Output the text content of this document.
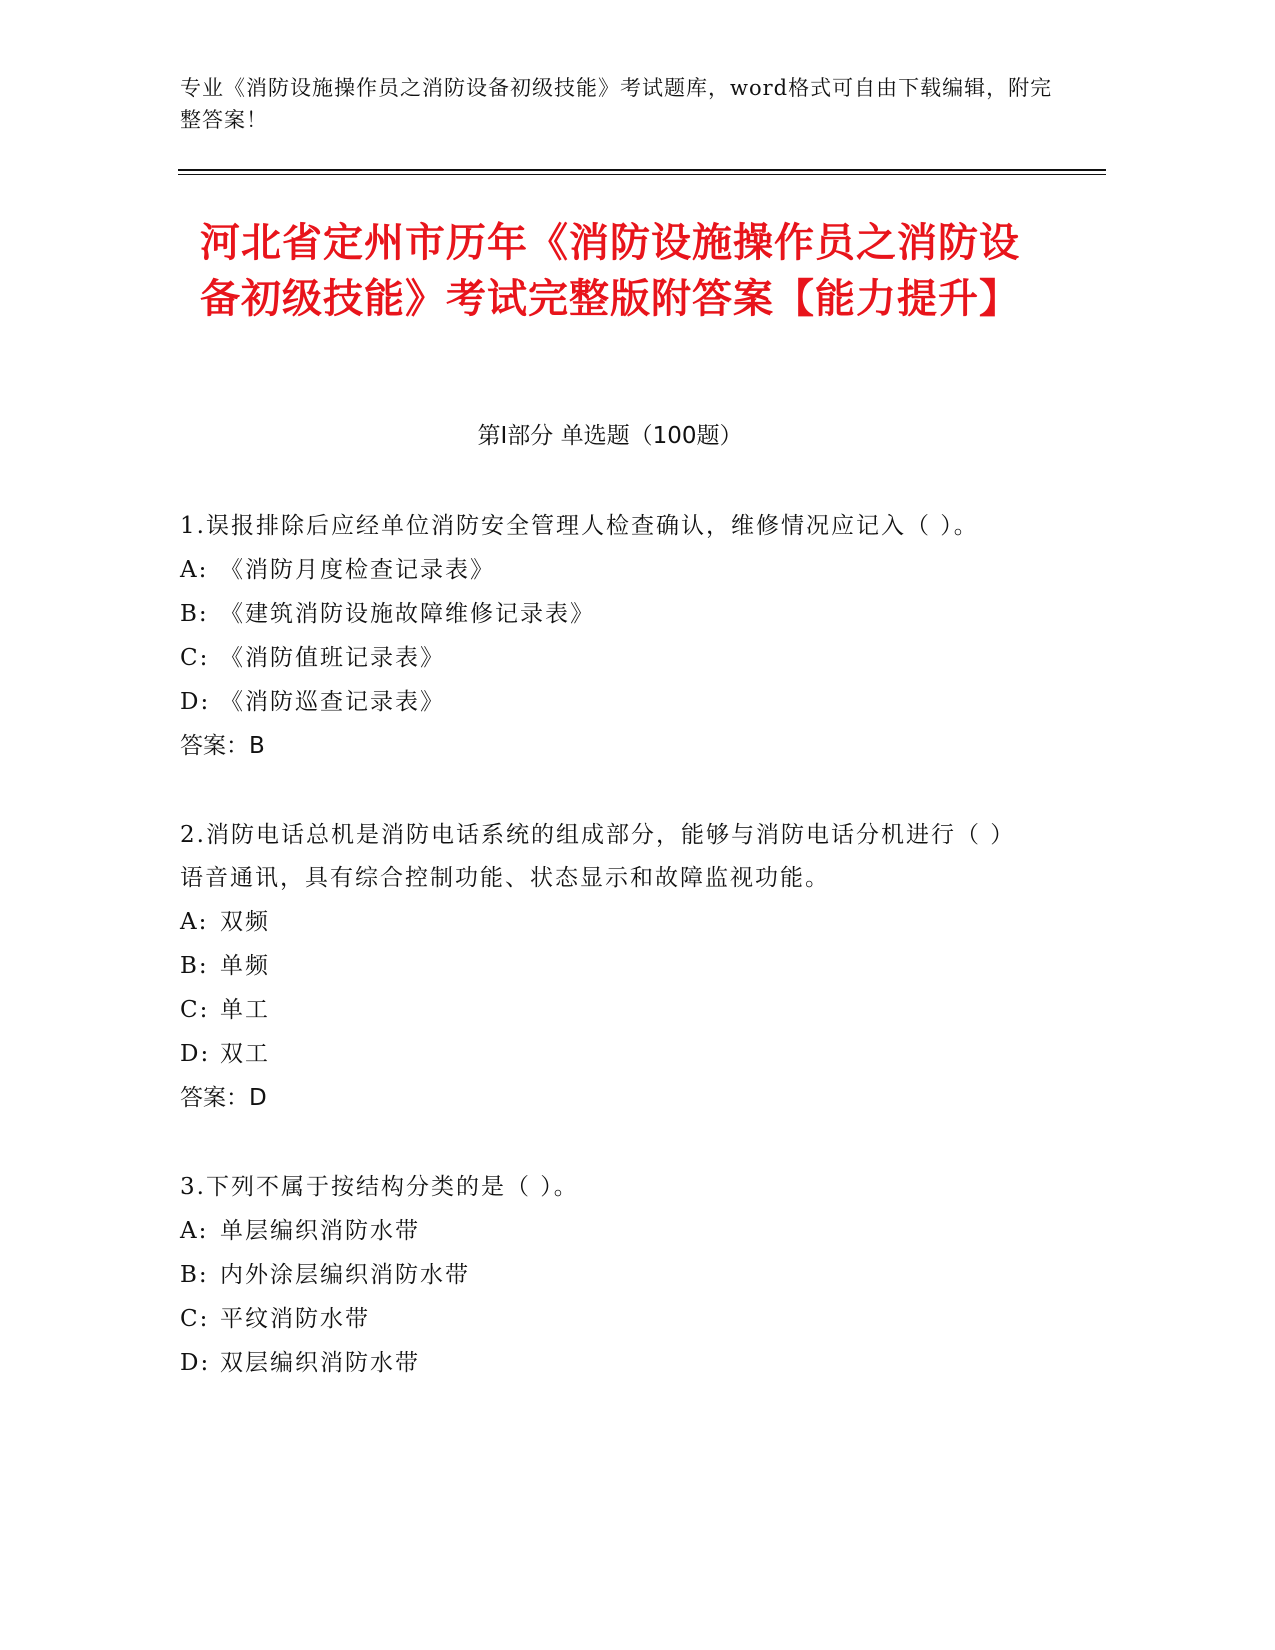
专业《消防设施操作员之消防设备初级技能》考试题库，word格式可自由下载编辑，附完整答案！
河北省定州市历年《消防设施操作员之消防设备初级技能》考试完整版附答案【能力提升】
第I部分 单选题（100题）
1.误报排除后应经单位消防安全管理人检查确认，维修情况应记入（ ）。
A: 《消防月度检查记录表》
B: 《建筑消防设施故障维修记录表》
C: 《消防值班记录表》
D: 《消防巡查记录表》
答案：B
2.消防电话总机是消防电话系统的组成部分，能够与消防电话分机进行（ ）语音通讯，具有综合控制功能、状态显示和故障监视功能。
A: 双频
B: 单频
C: 单工
D: 双工
答案：D
3.下列不属于按结构分类的是（ ）。
A: 单层编织消防水带
B: 内外涂层编织消防水带
C: 平纹消防水带
D: 双层编织消防水带
